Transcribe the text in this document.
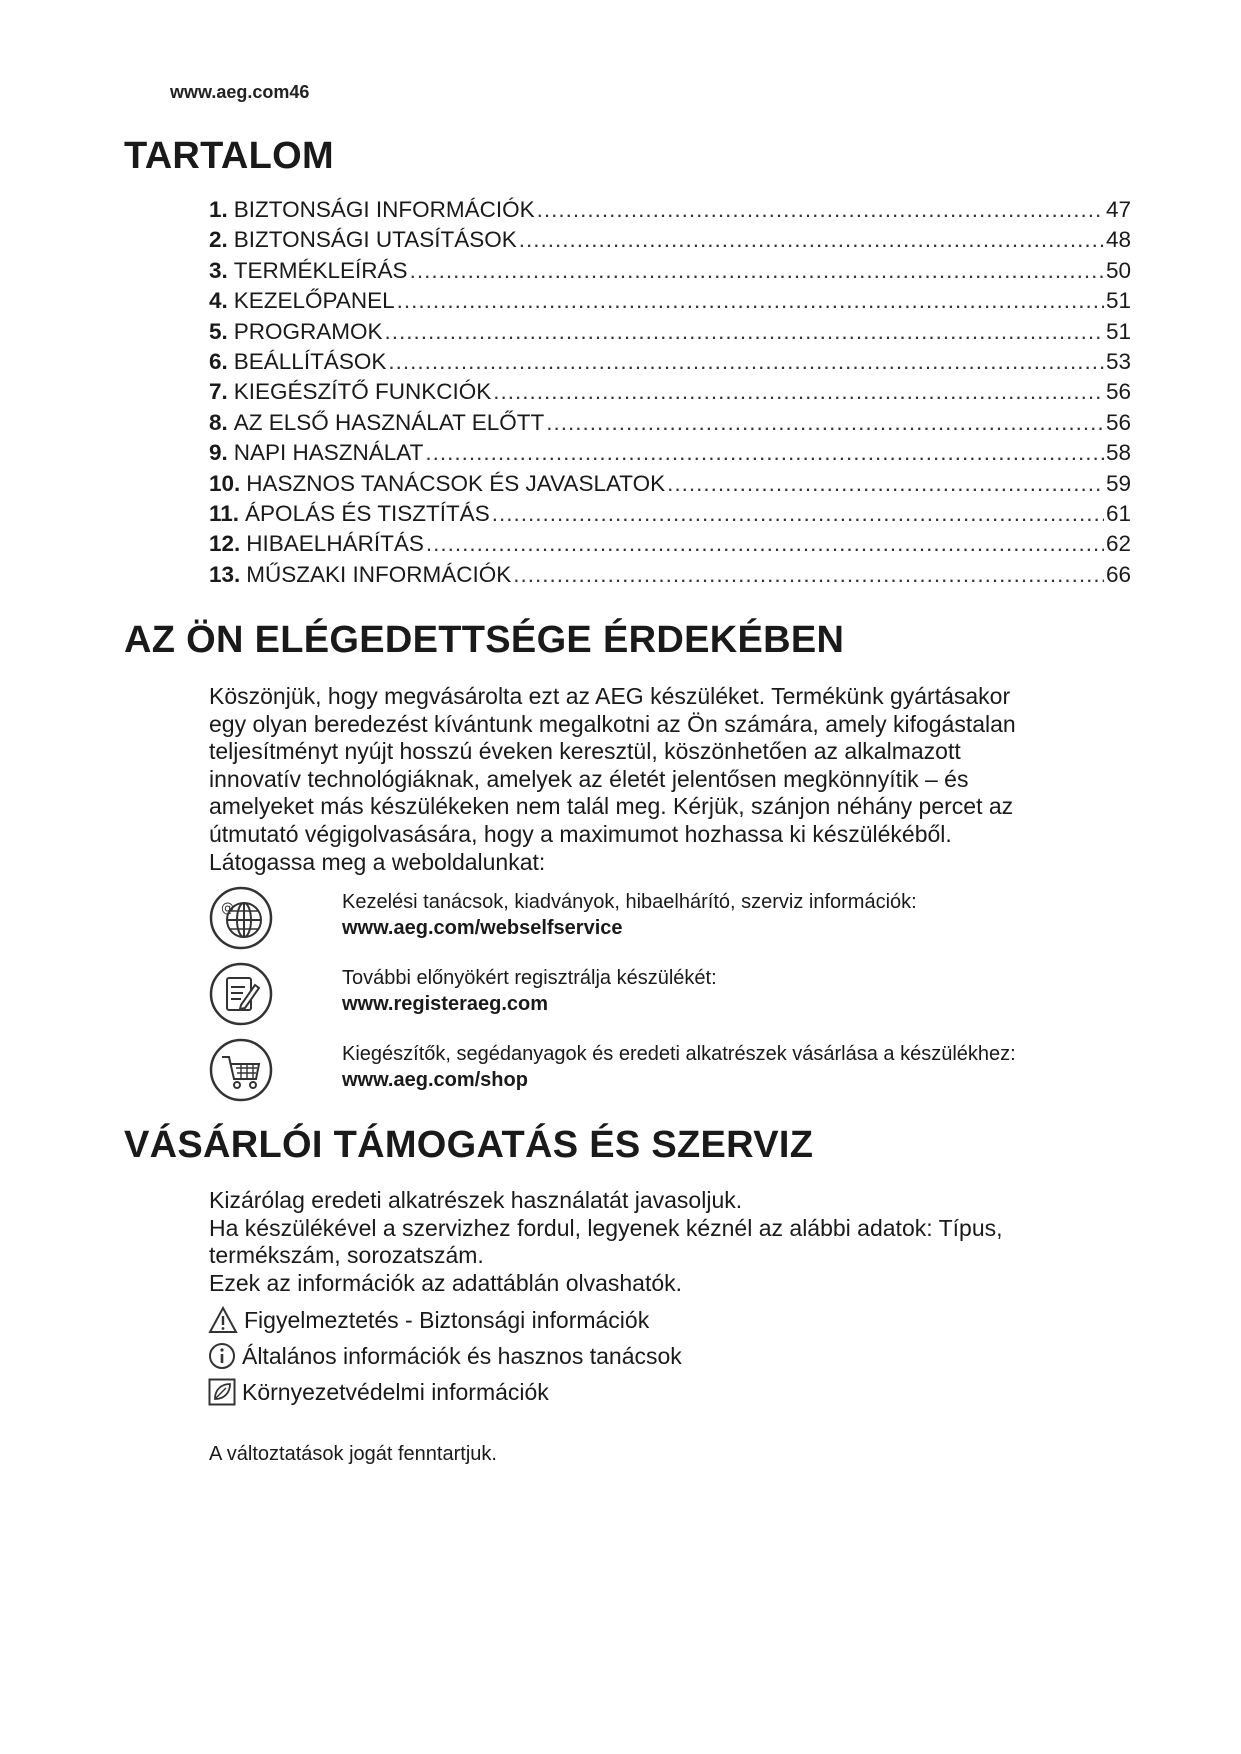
www.aeg.com46
TARTALOM
1. BIZTONSÁGI INFORMÁCIÓK .....	47
2. BIZTONSÁGI UTASÍTÁSOK .....	48
3. TERMÉKLEÍRÁS .....	50
4. KEZELŐPANEL .....	51
5. PROGRAMOK .....	51
6. BEÁLLÍTÁSOK .....	53
7. KIEGÉSZÍTŐ FUNKCIÓK .....	56
8. AZ ELSŐ HASZNÁLAT ELŐTT .....	56
9. NAPI HASZNÁLAT .....	58
10. HASZNOS TANÁCSOK ÉS JAVASLATOK .....	59
11. ÁPOLÁS ÉS TISZTÍTÁS .....	61
12. HIBAELHÁRÍTÁS .....	62
13. MŰSZAKI INFORMÁCIÓK .....	66
AZ ÖN ELÉGEDETTSÉGE ÉRDEKÉBEN

Köszönjük, hogy megvásárolta ezt az AEG készüléket. Termékünk gyártásakor

egy olyan beredezést kívántunk megalkotni az Ön számára, amely kifogástalan

teljesítményt nyújt hosszú éveken keresztül, köszönhetően az alkalmazott

innovatív technológiáknak, amelyek az életét jelentősen megkönnyítik – és

amelyeket más készülékeken nem talál meg. Kérjük, szánjon néhány percet az

útmutató végigolvasására, hogy a maximumot hozhassa ki készülékéből.

Látogassa meg a weboldalunkat:

@	Kezelési tanácsok, kiadványok, hibaelhárító, szerviz információk:
www.aeg.com/webselfservice
További előnyökért regisztrálja készülékét:
www.registeraeg.com
Kiegészítők, segédanyagok és eredeti alkatrészek vásárlása a készülékhez:
www.aeg.com/shop
VÁSÁRLÓI TÁMOGATÁS ÉS SZERVIZ

Kizárólag eredeti alkatrészek használatát javasoljuk.

Ha készülékével a szervizhez fordul, legyenek kéznél az alábbi adatok: Típus,

termékszám, sorozatszám.

Ezek az információk az adattáblán olvashatók.

Figyelmeztetés - Biztonsági információk
Általános információk és hasznos tanácsok
Környezetvédelmi információk
A változtatások jogát fenntartjuk.
